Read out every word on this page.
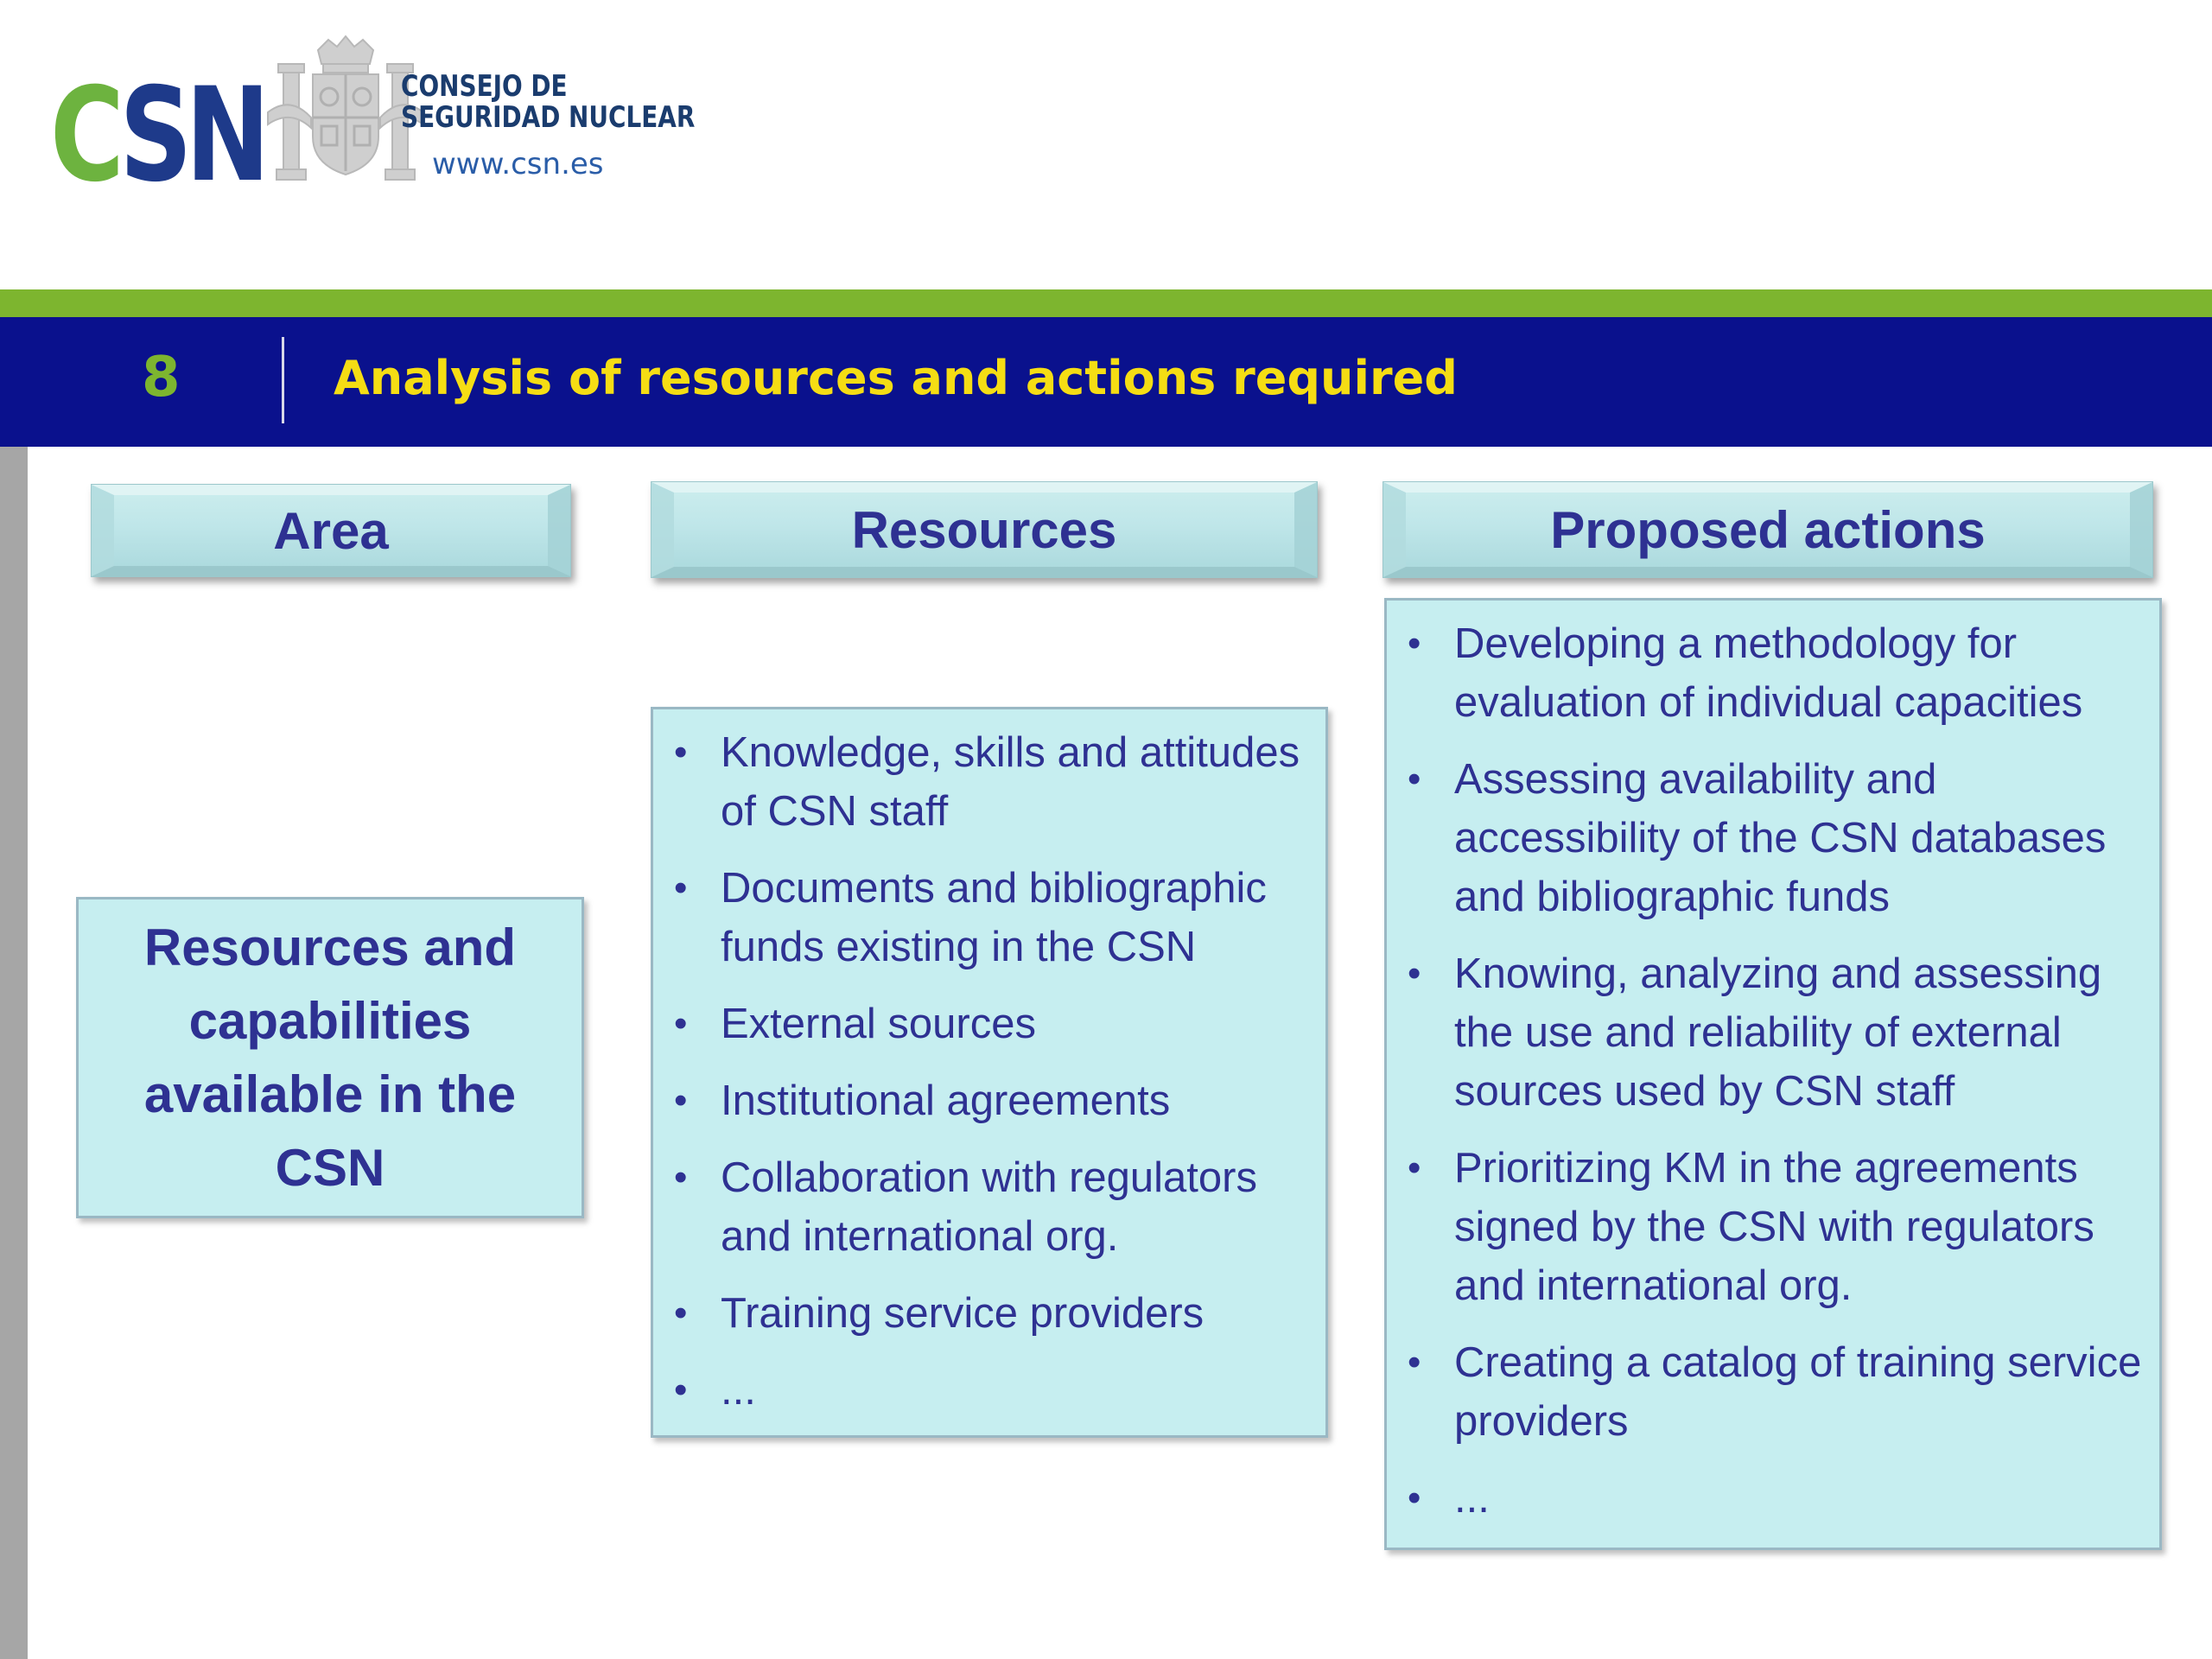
CSN	CONSEJO DE
SEGURIDAD NUCLEAR
www.csn.es
8	Analysis of resources and actions required
Area	Resources	Proposed actions
Resources and capabilities available in the CSN
• Knowledge, skills and attitudes of CSN staff
• Documents and bibliographic funds existing in the CSN
• External sources
• Institutional agreements
• Collaboration with regulators and international org.
• Training service providers
• ...
• Developing a methodology for evaluation of individual capacities
• Assessing availability and accessibility of the CSN databases and bibliographic funds
• Knowing, analyzing and assessing the use and reliability of external sources used by CSN staff
• Prioritizing KM in the agreements signed by the CSN with regulators and international org.
• Creating a catalog of training service providers
• ...
